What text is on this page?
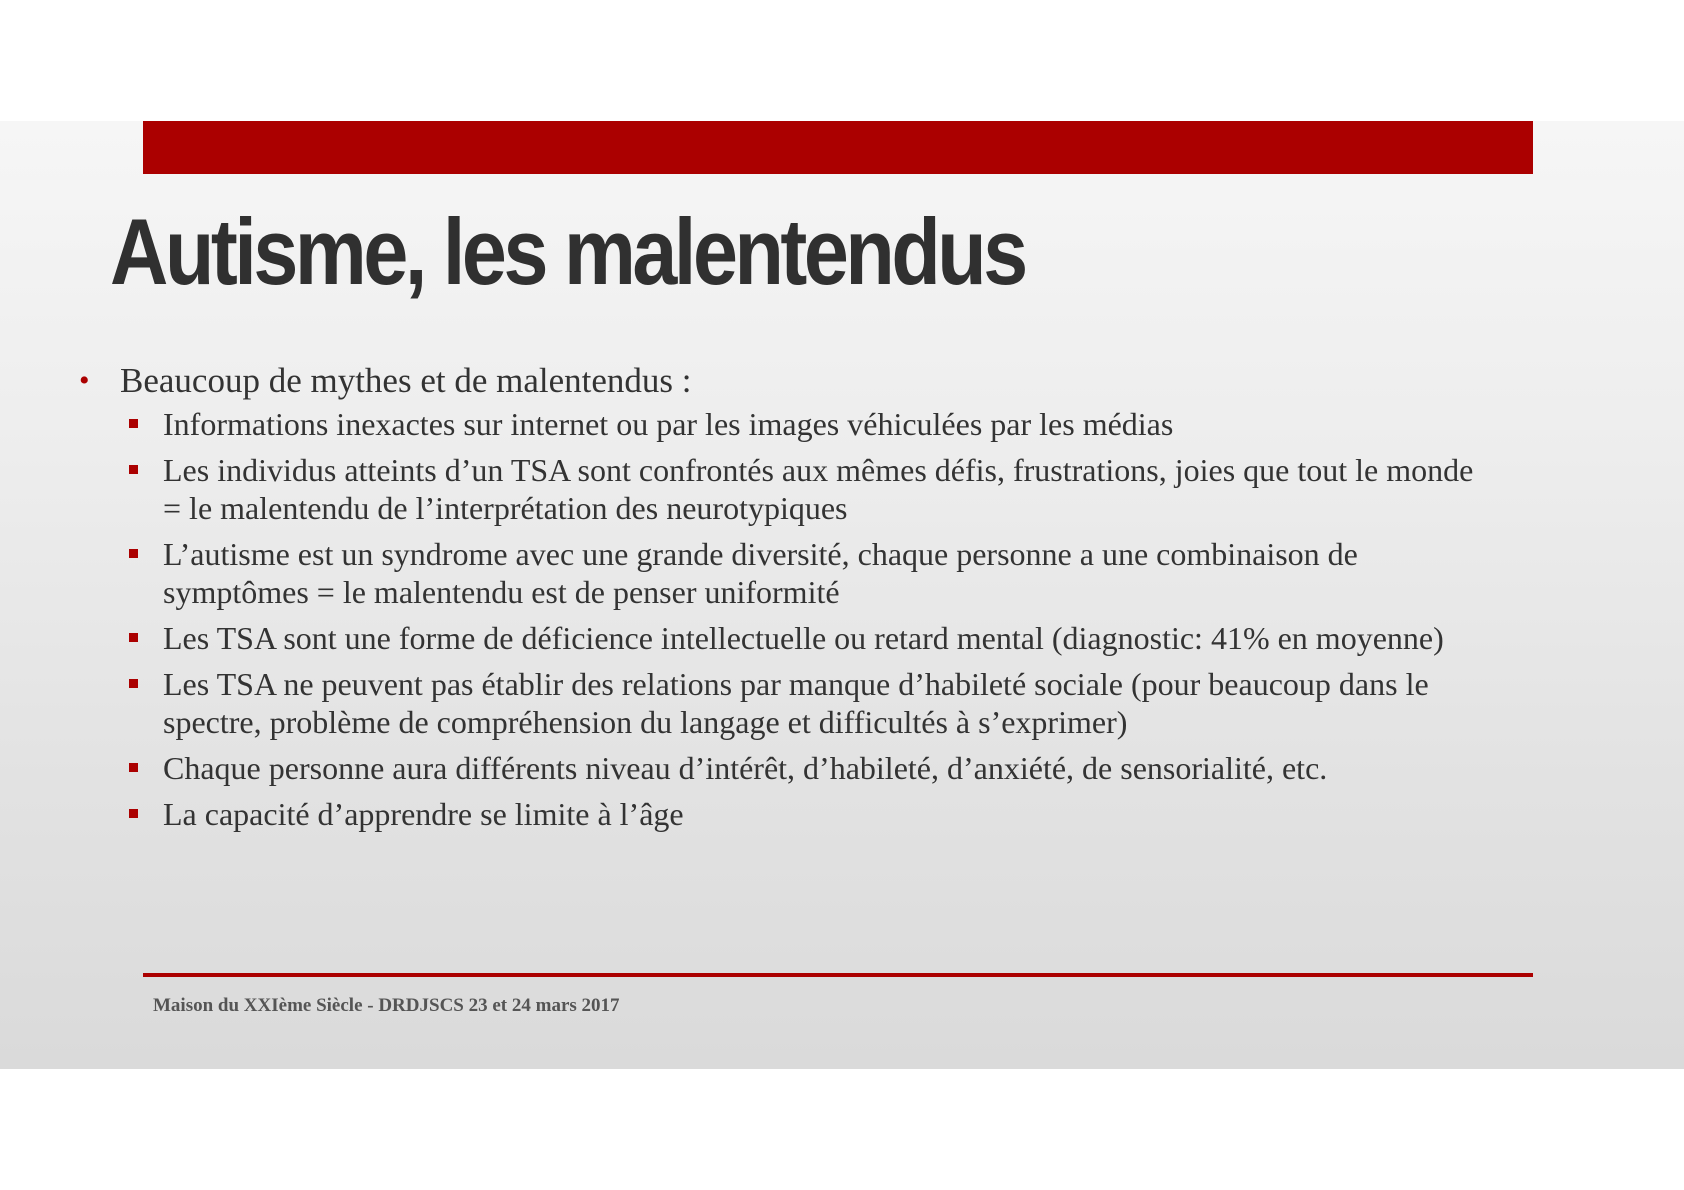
Autisme, les malentendus
• Beaucoup de mythes et de malentendus :
Informations inexactes sur internet ou par les images véhiculées par les médias
Les individus atteints d’un TSA sont confrontés aux mêmes défis, frustrations, joies que tout le monde = le malentendu de l’interprétation des neurotypiques
L’autisme est un syndrome avec une grande diversité, chaque personne a une combinaison de symptômes = le malentendu est de penser uniformité
Les TSA sont une forme de déficience intellectuelle ou retard mental (diagnostic: 41% en moyenne)
Les TSA ne peuvent pas établir des relations par manque d’habileté sociale (pour beaucoup dans le spectre, problème de compréhension du langage et difficultés à s’exprimer)
Chaque personne aura différents niveau d’intérêt, d’habileté, d’anxiété, de sensorialité, etc.
La capacité d’apprendre se limite à l’âge
Maison du XXIème Siècle - DRDJSCS 23 et 24 mars 2017
